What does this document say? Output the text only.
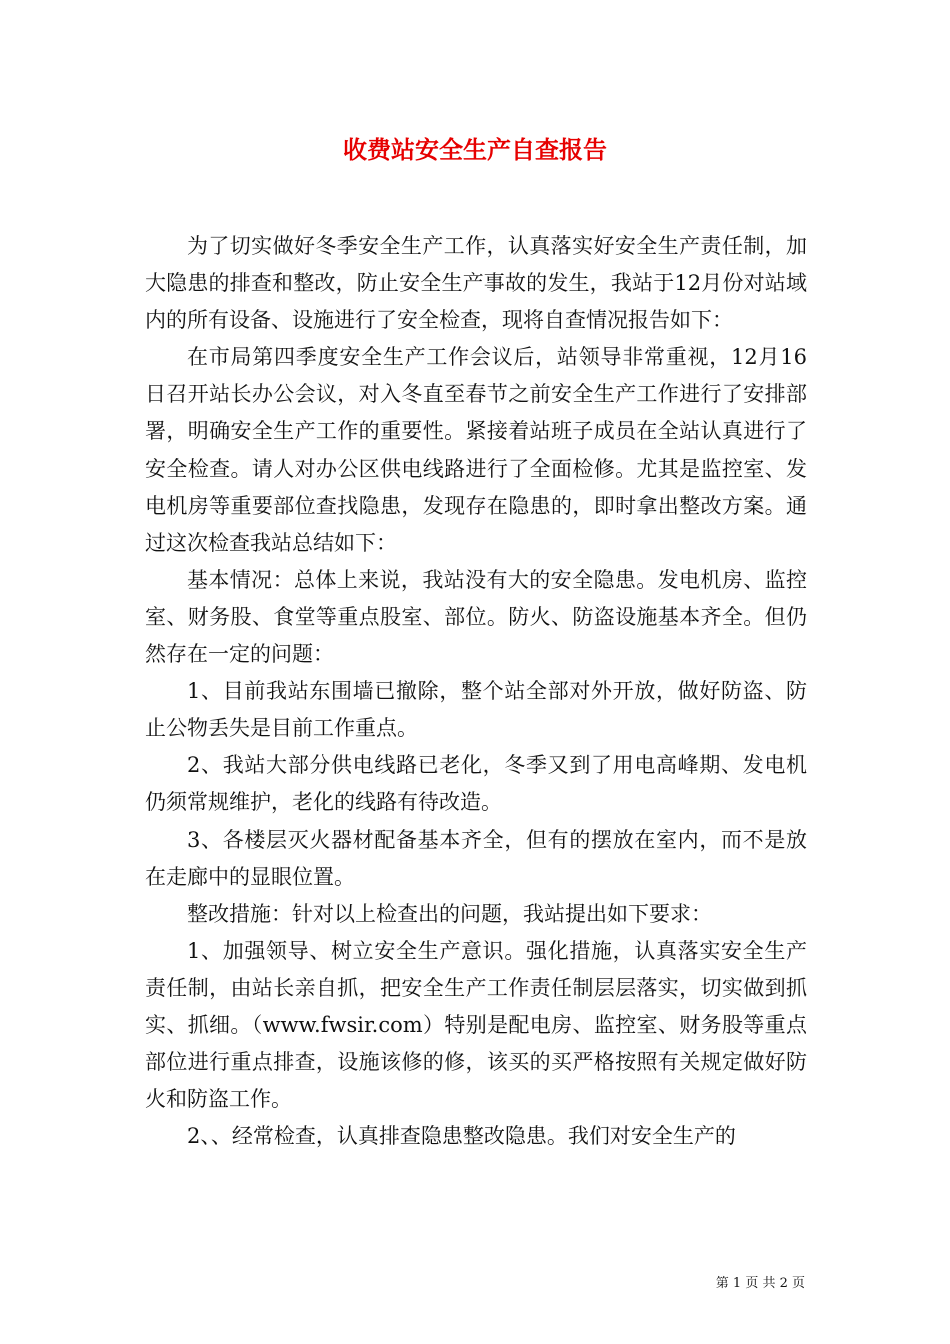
收费站安全生产自查报告

为了切实做好冬季安全生产工作，认真落实好安全生产责任制，加大隐患的排查和整改，防止安全生产事故的发生，我站于12月份对站域内的所有设备、设施进行了安全检查，现将自查情况报告如下：

在市局第四季度安全生产工作会议后，站领导非常重视，12月16日召开站长办公会议，对入冬直至春节之前安全生产工作进行了安排部署，明确安全生产工作的重要性。紧接着站班子成员在全站认真进行了安全检查。请人对办公区供电线路进行了全面检修。尤其是监控室、发电机房等重要部位查找隐患，发现存在隐患的，即时拿出整改方案。通过这次检查我站总结如下：

基本情况：总体上来说，我站没有大的安全隐患。发电机房、监控室、财务股、食堂等重点股室、部位。防火、防盗设施基本齐全。但仍然存在一定的问题：

1、目前我站东围墙已撤除，整个站全部对外开放，做好防盗、防止公物丢失是目前工作重点。

2、我站大部分供电线路已老化，冬季又到了用电高峰期、发电机仍须常规维护，老化的线路有待改造。

3、各楼层灭火器材配备基本齐全，但有的摆放在室内，而不是放在走廊中的显眼位置。

整改措施：针对以上检查出的问题，我站提出如下要求：

1、加强领导、树立安全生产意识。强化措施，认真落实安全生产责任制，由站长亲自抓，把安全生产工作责任制层层落实，切实做到抓实、抓细。（www.fwsir.com）特别是配电房、监控室、财务股等重点部位进行重点排查，设施该修的修，该买的买严格按照有关规定做好防火和防盗工作。

2、、经常检查，认真排查隐患整改隐患。我们对安全生产的

第 1 页 共 2 页
